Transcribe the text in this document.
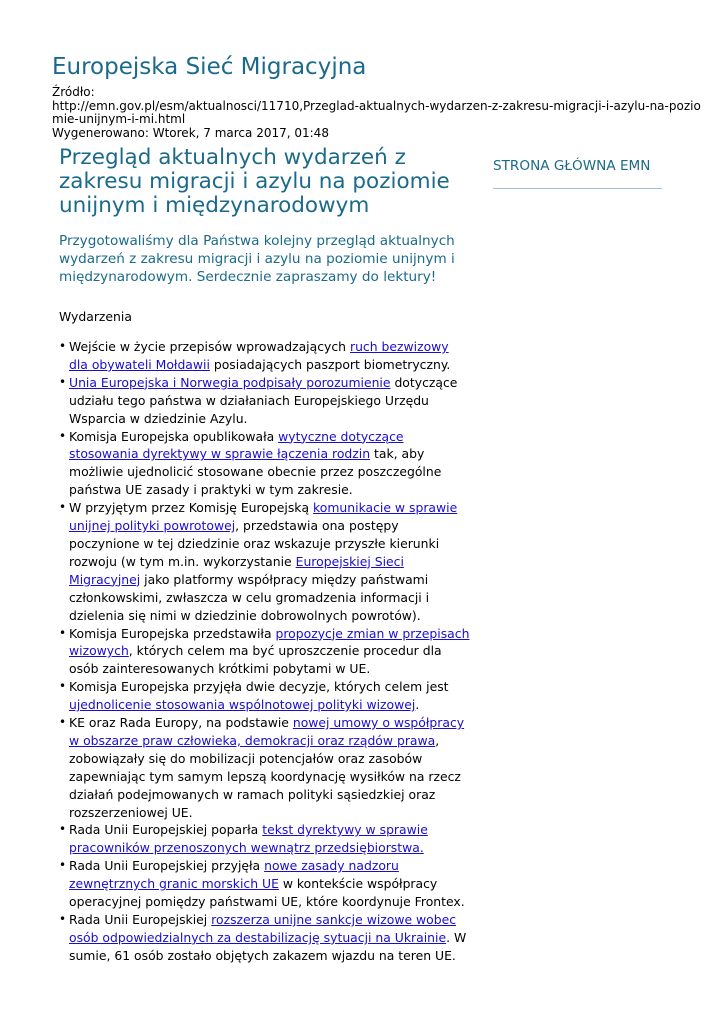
Europejska Sieć Migracyjna
Źródło:
http://emn.gov.pl/esm/aktualnosci/11710,Przeglad-aktualnych-wydarzen-z-zakresu-migracji-i-azylu-na-pozio
mie-unijnym-i-mi.html
Wygenerowano: Wtorek, 7 marca 2017, 01:48
Przegląd aktualnych wydarzeń z zakresu migracji i azylu na poziomie unijnym i międzynarodowym

Przygotowaliśmy dla Państwa kolejny przegląd aktualnych wydarzeń z zakresu migracji i azylu na poziomie unijnym i międzynarodowym. Serdecznie zapraszamy do lektury!

Wydarzenia

• Wejście w życie przepisów wprowadzających ruch bezwizowy dla obywateli Mołdawii posiadających paszport biometryczny.
• Unia Europejska i Norwegia podpisały porozumienie dotyczące udziału tego państwa w działaniach Europejskiego Urzędu Wsparcia w dziedzinie Azylu.
• Komisja Europejska opublikowała wytyczne dotyczące stosowania dyrektywy w sprawie łączenia rodzin tak, aby możliwie ujednolicić stosowane obecnie przez poszczególne państwa UE zasady i praktyki w tym zakresie.
• W przyjętym przez Komisję Europejską komunikacie w sprawie unijnej polityki powrotowej, przedstawia ona postępy poczynione w tej dziedzinie oraz wskazuje przyszłe kierunki rozwoju (w tym m.in. wykorzystanie Europejskiej Sieci Migracyjnej jako platformy współpracy między państwami członkowskimi, zwłaszcza w celu gromadzenia informacji i dzielenia się nimi w dziedzinie dobrowolnych powrotów).
• Komisja Europejska przedstawiła propozycje zmian w przepisach wizowych, których celem ma być uproszczenie procedur dla osób zainteresowanych krótkimi pobytami w UE.
• Komisja Europejska przyjęła dwie decyzje, których celem jest ujednolicenie stosowania wspólnotowej polityki wizowej.
• KE oraz Rada Europy, na podstawie nowej umowy o współpracy w obszarze praw człowieka, demokracji oraz rządów prawa, zobowiązały się do mobilizacji potencjałów oraz zasobów zapewniając tym samym lepszą koordynację wysiłków na rzecz działań podejmowanych w ramach polityki sąsiedzkiej oraz rozszerzeniowej UE.
• Rada Unii Europejskiej poparła tekst dyrektywy w sprawie pracowników przenoszonych wewnątrz przedsiębiorstwa.
• Rada Unii Europejskiej przyjęła nowe zasady nadzoru zewnętrznych granic morskich UE w kontekście współpracy operacyjnej pomiędzy państwami UE, które koordynuje Frontex.
• Rada Unii Europejskiej rozszerza unijne sankcje wizowe wobec osób odpowiedzialnych za destabilizację sytuacji na Ukrainie. W sumie, 61 osób zostało objętych zakazem wjazdu na teren UE.
STRONA GŁÓWNA EMN
